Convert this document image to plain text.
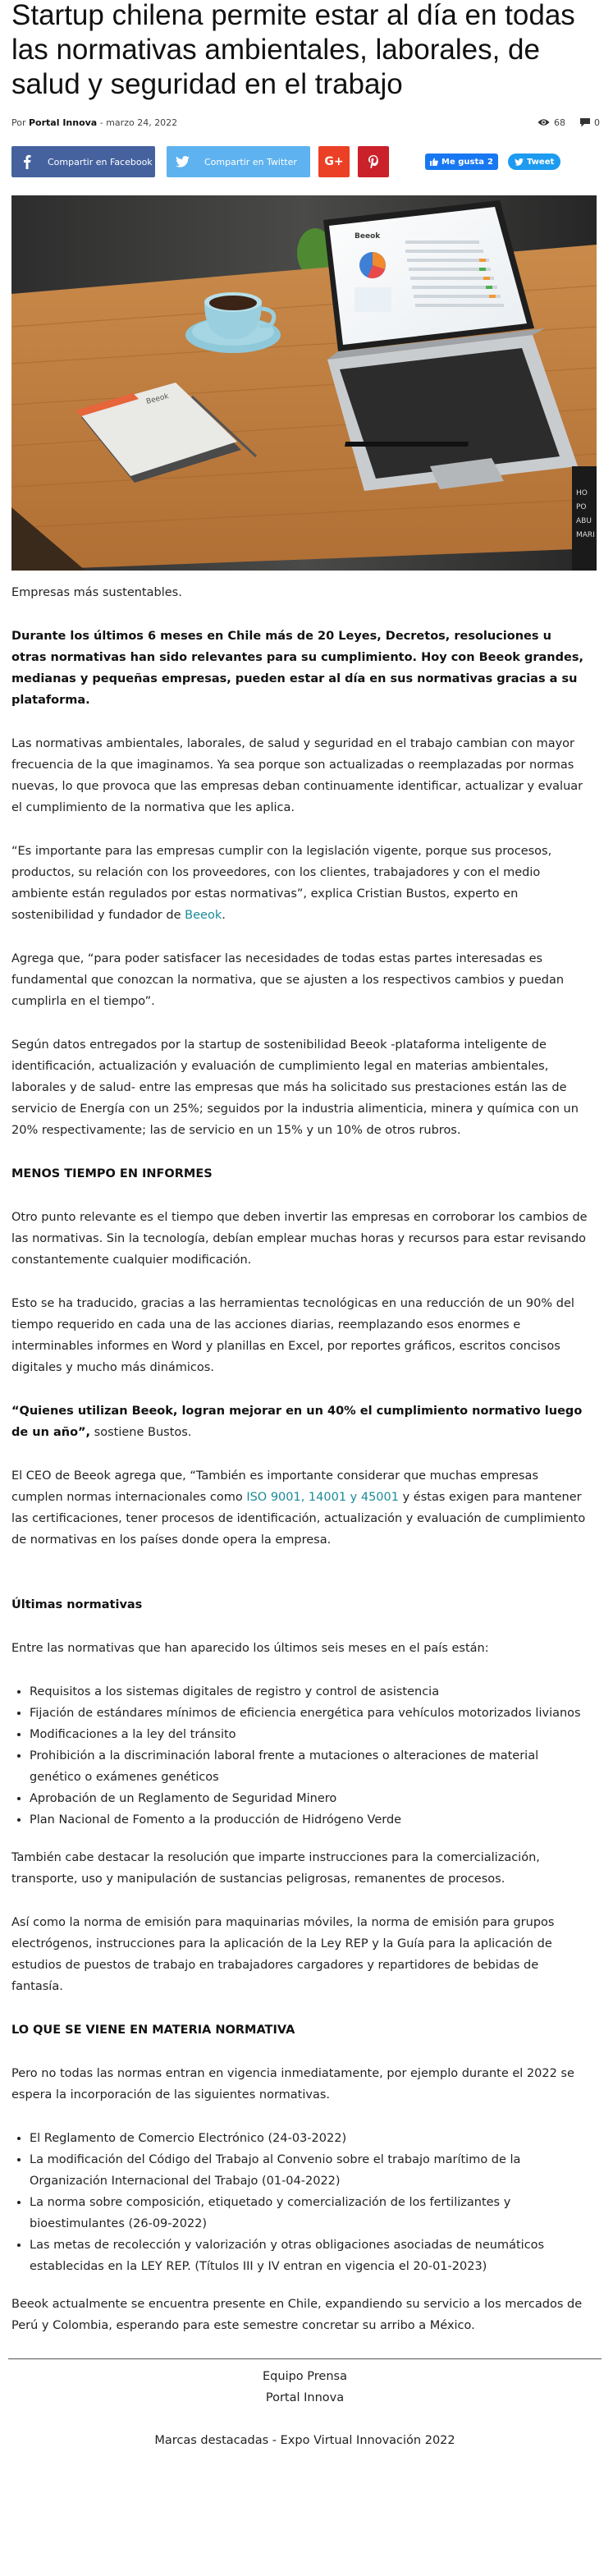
Startup chilena permite estar al día en todas las normativas ambientales, laborales, de salud y seguridad en el trabajo
Por Portal Innova - marzo 24, 2022	68	0
Compartir en Facebook	Compartir en Twitter G+	Me gusta 2	Tweet
Beeok
Beeok
HO
PO
ABU
MARI

Empresas más sustentables.

Durante los últimos 6 meses en Chile más de 20 Leyes, Decretos, resoluciones u otras normativas han sido relevantes para su cumplimiento. Hoy con Beeok grandes, medianas y pequeñas empresas, pueden estar al día en sus normativas gracias a su plataforma.

Las normativas ambientales, laborales, de salud y seguridad en el trabajo cambian con mayor frecuencia de la que imaginamos. Ya sea porque son actualizadas o reemplazadas por normas nuevas, lo que provoca que las empresas deban continuamente identificar, actualizar y evaluar el cumplimiento de la normativa que les aplica.

“Es importante para las empresas cumplir con la legislación vigente, porque sus procesos, productos, su relación con los proveedores, con los clientes, trabajadores y con el medio ambiente están regulados por estas normativas”, explica Cristian Bustos, experto en sostenibilidad y fundador de Beeok.

Agrega que, “para poder satisfacer las necesidades de todas estas partes interesadas es fundamental que conozcan la normativa, que se ajusten a los respectivos cambios y puedan cumplirla en el tiempo”.

Según datos entregados por la startup de sostenibilidad Beeok -plataforma inteligente de identificación, actualización y evaluación de cumplimiento legal en materias ambientales, laborales y de salud- entre las empresas que más ha solicitado sus prestaciones están las de servicio de Energía con un 25%; seguidos por la industria alimenticia, minera y química con un 20% respectivamente; las de servicio en un 15% y un 10% de otros rubros.

MENOS TIEMPO EN INFORMES

Otro punto relevante es el tiempo que deben invertir las empresas en corroborar los cambios de las normativas. Sin la tecnología, debían emplear muchas horas y recursos para estar revisando constantemente cualquier modificación.

Esto se ha traducido, gracias a las herramientas tecnológicas en una reducción de un 90% del tiempo requerido en cada una de las acciones diarias, reemplazando esos enormes e interminables informes en Word y planillas en Excel, por reportes gráficos, escritos concisos digitales y mucho más dinámicos.

“Quienes utilizan Beeok, logran mejorar en un 40% el cumplimiento normativo luego de un año”, sostiene Bustos.

El CEO de Beeok agrega que, “También es importante considerar que muchas empresas cumplen normas internacionales como ISO 9001, 14001 y 45001 y éstas exigen para mantener las certificaciones, tener procesos de identificación, actualización y evaluación de cumplimiento de normativas en los países donde opera la empresa.

Últimas normativas

Entre las normativas que han aparecido los últimos seis meses en el país están:

• Requisitos a los sistemas digitales de registro y control de asistencia
• Fijación de estándares mínimos de eficiencia energética para vehículos motorizados livianos
• Modificaciones a la ley del tránsito
• Prohibición a la discriminación laboral frente a mutaciones o alteraciones de material genético o exámenes genéticos
• Aprobación de un Reglamento de Seguridad Minero
• Plan Nacional de Fomento a la producción de Hidrógeno Verde

También cabe destacar la resolución que imparte instrucciones para la comercialización, transporte, uso y manipulación de sustancias peligrosas, remanentes de procesos.

Así como la norma de emisión para maquinarias móviles, la norma de emisión para grupos electrógenos, instrucciones para la aplicación de la Ley REP y la Guía para la aplicación de estudios de puestos de trabajo en trabajadores cargadores y repartidores de bebidas de fantasía.

LO QUE SE VIENE EN MATERIA NORMATIVA

Pero no todas las normas entran en vigencia inmediatamente, por ejemplo durante el 2022 se espera la incorporación de las siguientes normativas.

• El Reglamento de Comercio Electrónico (24-03-2022)
• La modificación del Código del Trabajo al Convenio sobre el trabajo marítimo de la Organización Internacional del Trabajo (01-04-2022)
• La norma sobre composición, etiquetado y comercialización de los fertilizantes y bioestimulantes (26-09-2022)
• Las metas de recolección y valorización y otras obligaciones asociadas de neumáticos establecidas en la LEY REP. (Títulos III y IV entran en vigencia el 20-01-2023)

Beeok actualmente se encuentra presente en Chile, expandiendo su servicio a los mercados de Perú y Colombia, esperando para este semestre concretar su arribo a México.

Equipo Prensa
Portal Innova
Marcas destacadas - Expo Virtual Innovación 2022
